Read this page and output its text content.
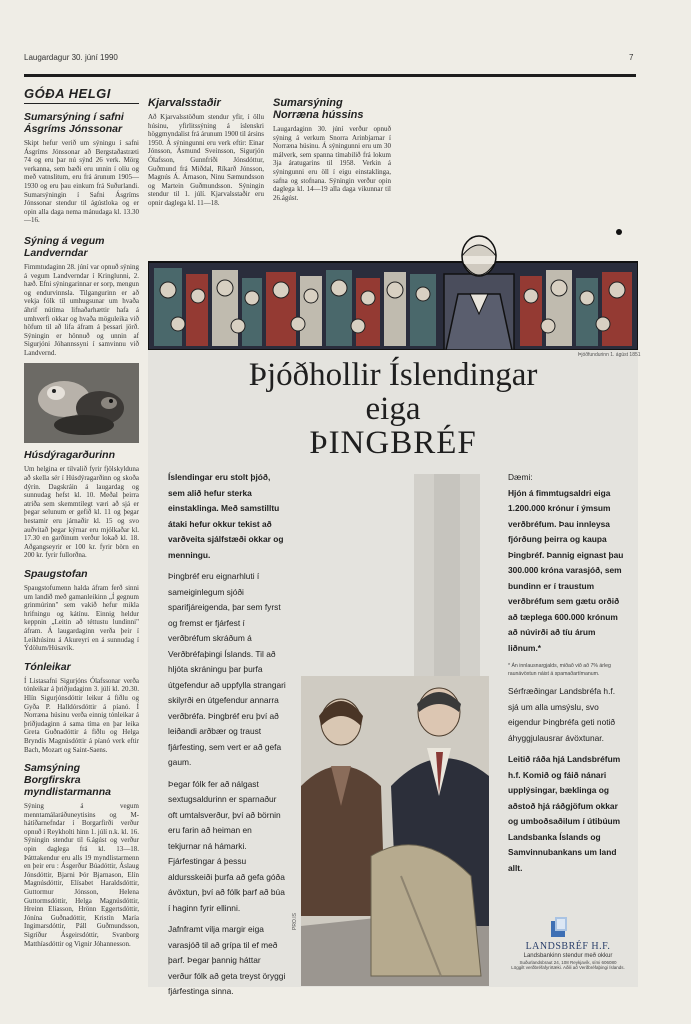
Laugardagur 30. júní 1990	7
GÓÐA HELGI

Sumarsýning í safni Ásgríms Jónssonar

Skipt hefur verið um sýningu í safni Ásgríms Jónssonar að Bergstaðastræti 74 og eru þar nú sýnd 26 verk. Mörg verkanna, sem bæði eru unnin í olíu og með vatnslitum, eru frá árunum 1905—1930 og eru þau einkum frá Suðurlandi. Sumarsýningin í Safni Ásgríms Jónssonar stendur til ágústloka og er opin alla daga nema mánudaga kl. 13.30—16.

Sýning á vegum Landverndar

Fimmtudaginn 28. júní var opnuð sýning á vegum Landverndar í Kringlunni, 2. hæð. Efni sýningarinnar er sorp, mengun og endurvinnsla. Tilgangurinn er að vekja fólk til umhugsunar um hvaða áhrif nútíma lifnaðarhættir hafa á umhverfi okkar og hvaða möguleika við höfum til að lifa áfram á þessari jörð. Sýningin er hönnuð og unnin af Sigurjóni Jóhannssyni í samvinnu við Landvernd.

Húsdýragarðurinn

Um helgina er tilvalið fyrir fjölskylduna að skella sér í Húsdýragarðinn og skoða dýrin. Dagskráin á laugardag og sunnudag hefst kl. 10. Meðal þeirra atriða sem skemmtilegt væri að sjá er þegar selunum er gefið kl. 11 og þegar hestamir eru járnaðir kl. 15 og svo auðvitað þegar kýrnar eru mjólkaðar kl. 17.30 en garðinum verður lokað kl. 18. Aðgangseyrir er 100 kr. fyrir börn en 200 kr. fyrir fullorðna.

Spaugstofan

Spaugstofumenn halda áfram ferð sinni um landið með gamanleikinn „Í gegnum grinmúrinn" sem vakið hefur mikla hrifningu og kátínu. Einnig heldur keppnin „Leitin að téttustu lundinni" áfram. Á laugardaginn verða þeir í Leikhúsinu á Akureyri en á sunnudag í Ýdölum/Húsavík.

Tónleikar

Í Listasafni Sigurjóns Ólafssonar verða tónleikar á þriðjudaginn 3. júlí kl. 20.30. Hlín Sigurjónsdóttir leikur á fiðlu og Gyða P. Halldórsdóttir á píanó. Í Norræna húsinu verða einnig tónleikar á þriðjudaginn á sama tíma en þar leika Greta Guðnadóttir á fiðlu og Helga Bryndís Magnúsdóttir á píanó verk eftir Bach, Mozart og Saint-Saens.

Samsýning Borgfirskra myndlistarmanna

Sýning á vegum menntamálaráðuneytisins og M-hátíðarnefndar í Borgarfirði verður opnuð í Reykholti hinn 1. júlí n.k. kl. 16. Sýningin stendur til 6.ágúst og verður opin daglega frá kl. 13—18. Þátttakendur eru alls 19 myndlistarmenn en þeir eru : Ásgerður Búadóttir, Áslaug Jónsdóttir, Bjarni Þór Bjarnason, Elín Magnúsdóttir, Elísabet Haraldsdóttir, Guttormur Jónsson, Helena Guttormsdóttir, Helga Magnúsdóttir, Hreinn Elíasson, Hrönn Eggertsdóttir, Jónína Guðnadóttir, Kristín María Ingimarsdóttir, Páll Guðmundsson, Sigríður Ásgeirsdóttir, Svanborg Matthíasdóttir og Vignir Jóhannesson.

Kjarvalsstaðir

Að Kjarvalsstöðum stendur yfir, í öllu húsinu, yfirlitssýning á íslenskri höggmyndalist frá árunum 1900 til ársins 1950. Á sýningunni eru verk eftir: Einar Jónsson, Ásmund Sveinsson, Sigurjón Ólafsson, Gunnfríði Jónsdóttur, Guðmund frá Miðdal, Ríkarð Jónsson, Magnús Á. Árnason, Ninu Sæmundsson og Martein Guðmundsson. Sýningin stendur til 1. júlí. Kjarvalsstaðir eru opnir daglega kl. 11—18.

Sumarsýning Norræna hússins

Laugardaginn 30. júní verður opnuð sýning á verkum Snorra Arinbjarnar í Norræna húsinu. Á sýningunni eru um 30 málverk, sem spanna tímabilið frá lokum 3ja áratugarins til 1958. Verkin á sýningunni eru öll í eigu einstaklinga, safna og stofnana. Sýningin verður opin daglega kl. 14—19 alla daga vikunnar til 26.ágúst.

Þjóðfundurinn 1. ágúst 1851
Þjóðhollir Íslendingar
eiga
ÞINGBRÉF

Íslendingar eru stolt þjóð, sem alið hefur sterka einstaklinga. Með samstilltu átaki hefur okkur tekist að varðveita sjálfstæði okkar og menningu.

Þingbréf eru eignarhluti í sameiginlegum sjóði sparifjáreigenda, þar sem fyrst og fremst er fjárfest í verðbréfum skráðum á Verðbréfaþingi Íslands. Til að hljóta skráningu þar þurfa útgefendur að uppfylla strangari skilyrði en útgefendur annarra verðbréfa. Þingbréf eru því að leiðandi arðbær og traust fjárfesting, sem vert er að gefa gaum.

Þegar fólk fer að nálgast sextugsaldurinn er sparnaður oft umtalsverður, því að börnin eru farin að heiman en tekjurnar ná hámarki. Fjárfestingar á þessu aldursskeiði þurfa að gefa góða ávöxtun, því að fólk þarf að búa í haginn fyrir ellinni.

Jafnframt vilja margir eiga varasjóð til að grípa til ef með þarf. Þegar þannig háttar verður fólk að geta treyst öryggi fjárfestinga sinna.

Dæmi:

Hjón á fimmtugsaldri eiga 1.200.000 krónur í ýmsum verðbréfum. Þau innleysa fjórðung þeirra og kaupa Þingbréf. Þannig eignast þau 300.000 króna varasjóð, sem bundinn er í traustum verðbréfum sem gætu orðið að tæplega 600.000 krónum að núvirði að tíu árum liðnum.*

* Án innlausnargjalds, miðað við að 7% árleg raunávöxtun náist á spamaðartímanum.

Sérfræðingar Landsbréfa h.f. sjá um alla umsýslu, svo eigendur Þingbréfa geti notið áhyggjulausrar ávöxtunar.

Leitið ráða hjá Landsbréfum h.f. Komið og fáið nánari upplýsingar, bæklinga og aðstoð hjá ráðgjöfum okkar og umboðsaðilum í útibúum Landsbanka Íslands og Samvinnubankans um land allt.

PRO.IS
LANDSBRÉF H.F.
Landsbankinn stendur með okkur
Suðurlandsbraut 24, 108 Reykjavík, sími 606080
Löggilt verðbréfafyrirtæki. Aðili að Verðbréfaþingi Íslands.
